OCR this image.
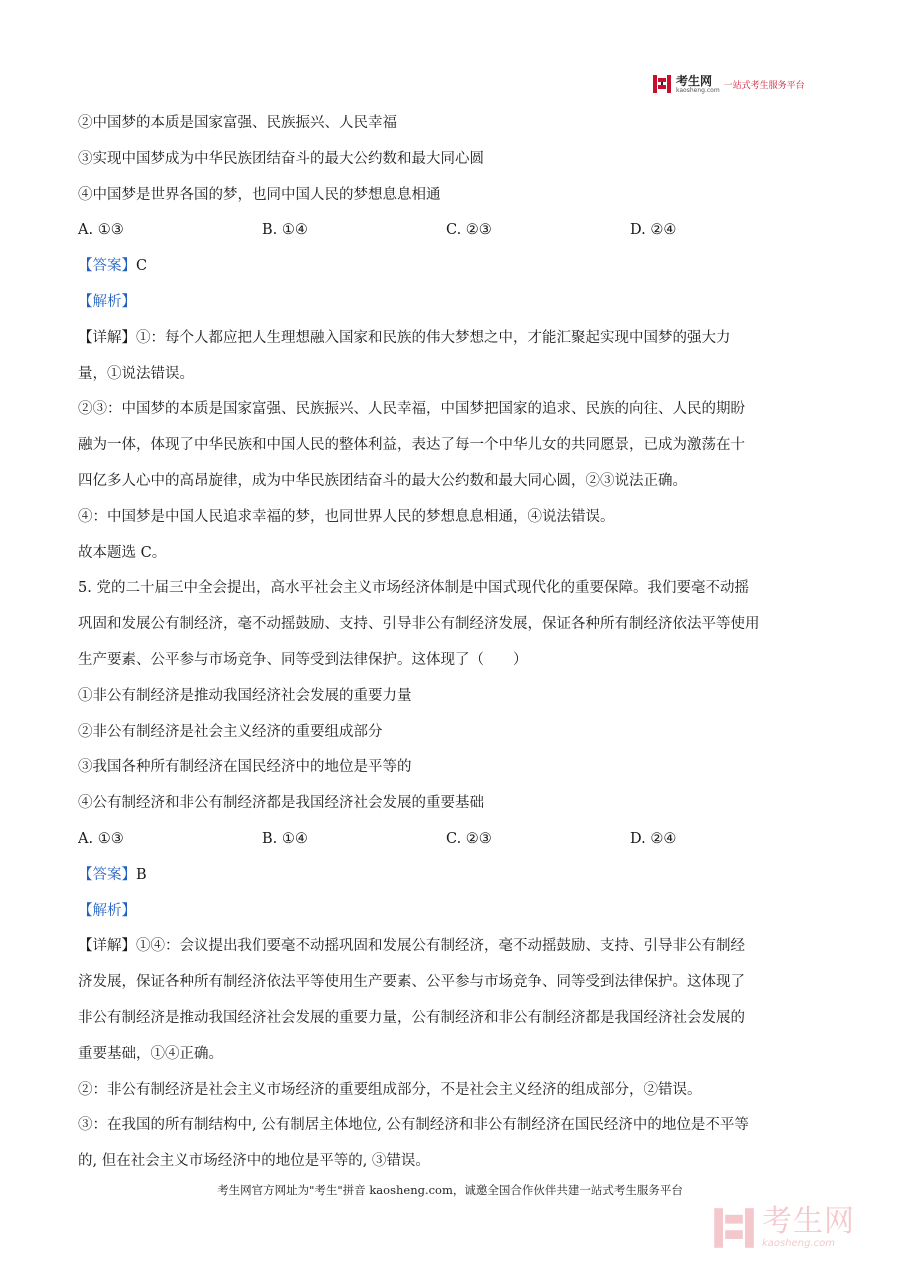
考生网
kaosheng.com 一站式考生服务平台
②中国梦的本质是国家富强、民族振兴、人民幸福
③实现中国梦成为中华民族团结奋斗的最大公约数和最大同心圆
④中国梦是世界各国的梦，也同中国人民的梦想息息相通
A. ①③	B. ①④	C. ②③	D. ②④
【答案】C
【解析】
【详解】①：每个人都应把人生理想融入国家和民族的伟大梦想之中，才能汇聚起实现中国梦的强大力
量，①说法错误。
②③：中国梦的本质是国家富强、民族振兴、人民幸福，中国梦把国家的追求、民族的向往、人民的期盼
融为一体，体现了中华民族和中国人民的整体利益，表达了每一个中华儿女的共同愿景，已成为激荡在十
四亿多人心中的高昂旋律，成为中华民族团结奋斗的最大公约数和最大同心圆，②③说法正确。
④：中国梦是中国人民追求幸福的梦，也同世界人民的梦想息息相通，④说法错误。
故本题选 C。
5. 党的二十届三中全会提出，高水平社会主义市场经济体制是中国式现代化的重要保障。我们要毫不动摇
巩固和发展公有制经济，毫不动摇鼓励、支持、引导非公有制经济发展，保证各种所有制经济依法平等使用
生产要素、公平参与市场竞争、同等受到法律保护。这体现了（　　）
①非公有制经济是推动我国经济社会发展的重要力量
②非公有制经济是社会主义经济的重要组成部分
③我国各种所有制经济在国民经济中的地位是平等的
④公有制经济和非公有制经济都是我国经济社会发展的重要基础
A. ①③	B. ①④	C. ②③	D. ②④
【答案】B
【解析】
【详解】①④：会议提出我们要毫不动摇巩固和发展公有制经济，毫不动摇鼓励、支持、引导非公有制经
济发展，保证各种所有制经济依法平等使用生产要素、公平参与市场竞争、同等受到法律保护。这体现了
非公有制经济是推动我国经济社会发展的重要力量，公有制经济和非公有制经济都是我国经济社会发展的
重要基础，①④正确。
②：非公有制经济是社会主义市场经济的重要组成部分，不是社会主义经济的组成部分，②错误。
③：在我国的所有制结构中, 公有制居主体地位, 公有制经济和非公有制经济在国民经济中的地位是不平等
的, 但在社会主义市场经济中的地位是平等的, ③错误。
考生网官方网址为"考生"拼音 kaosheng.com，诚邀全国合作伙伴共建一站式考生服务平台
考生网
kaosheng.com
